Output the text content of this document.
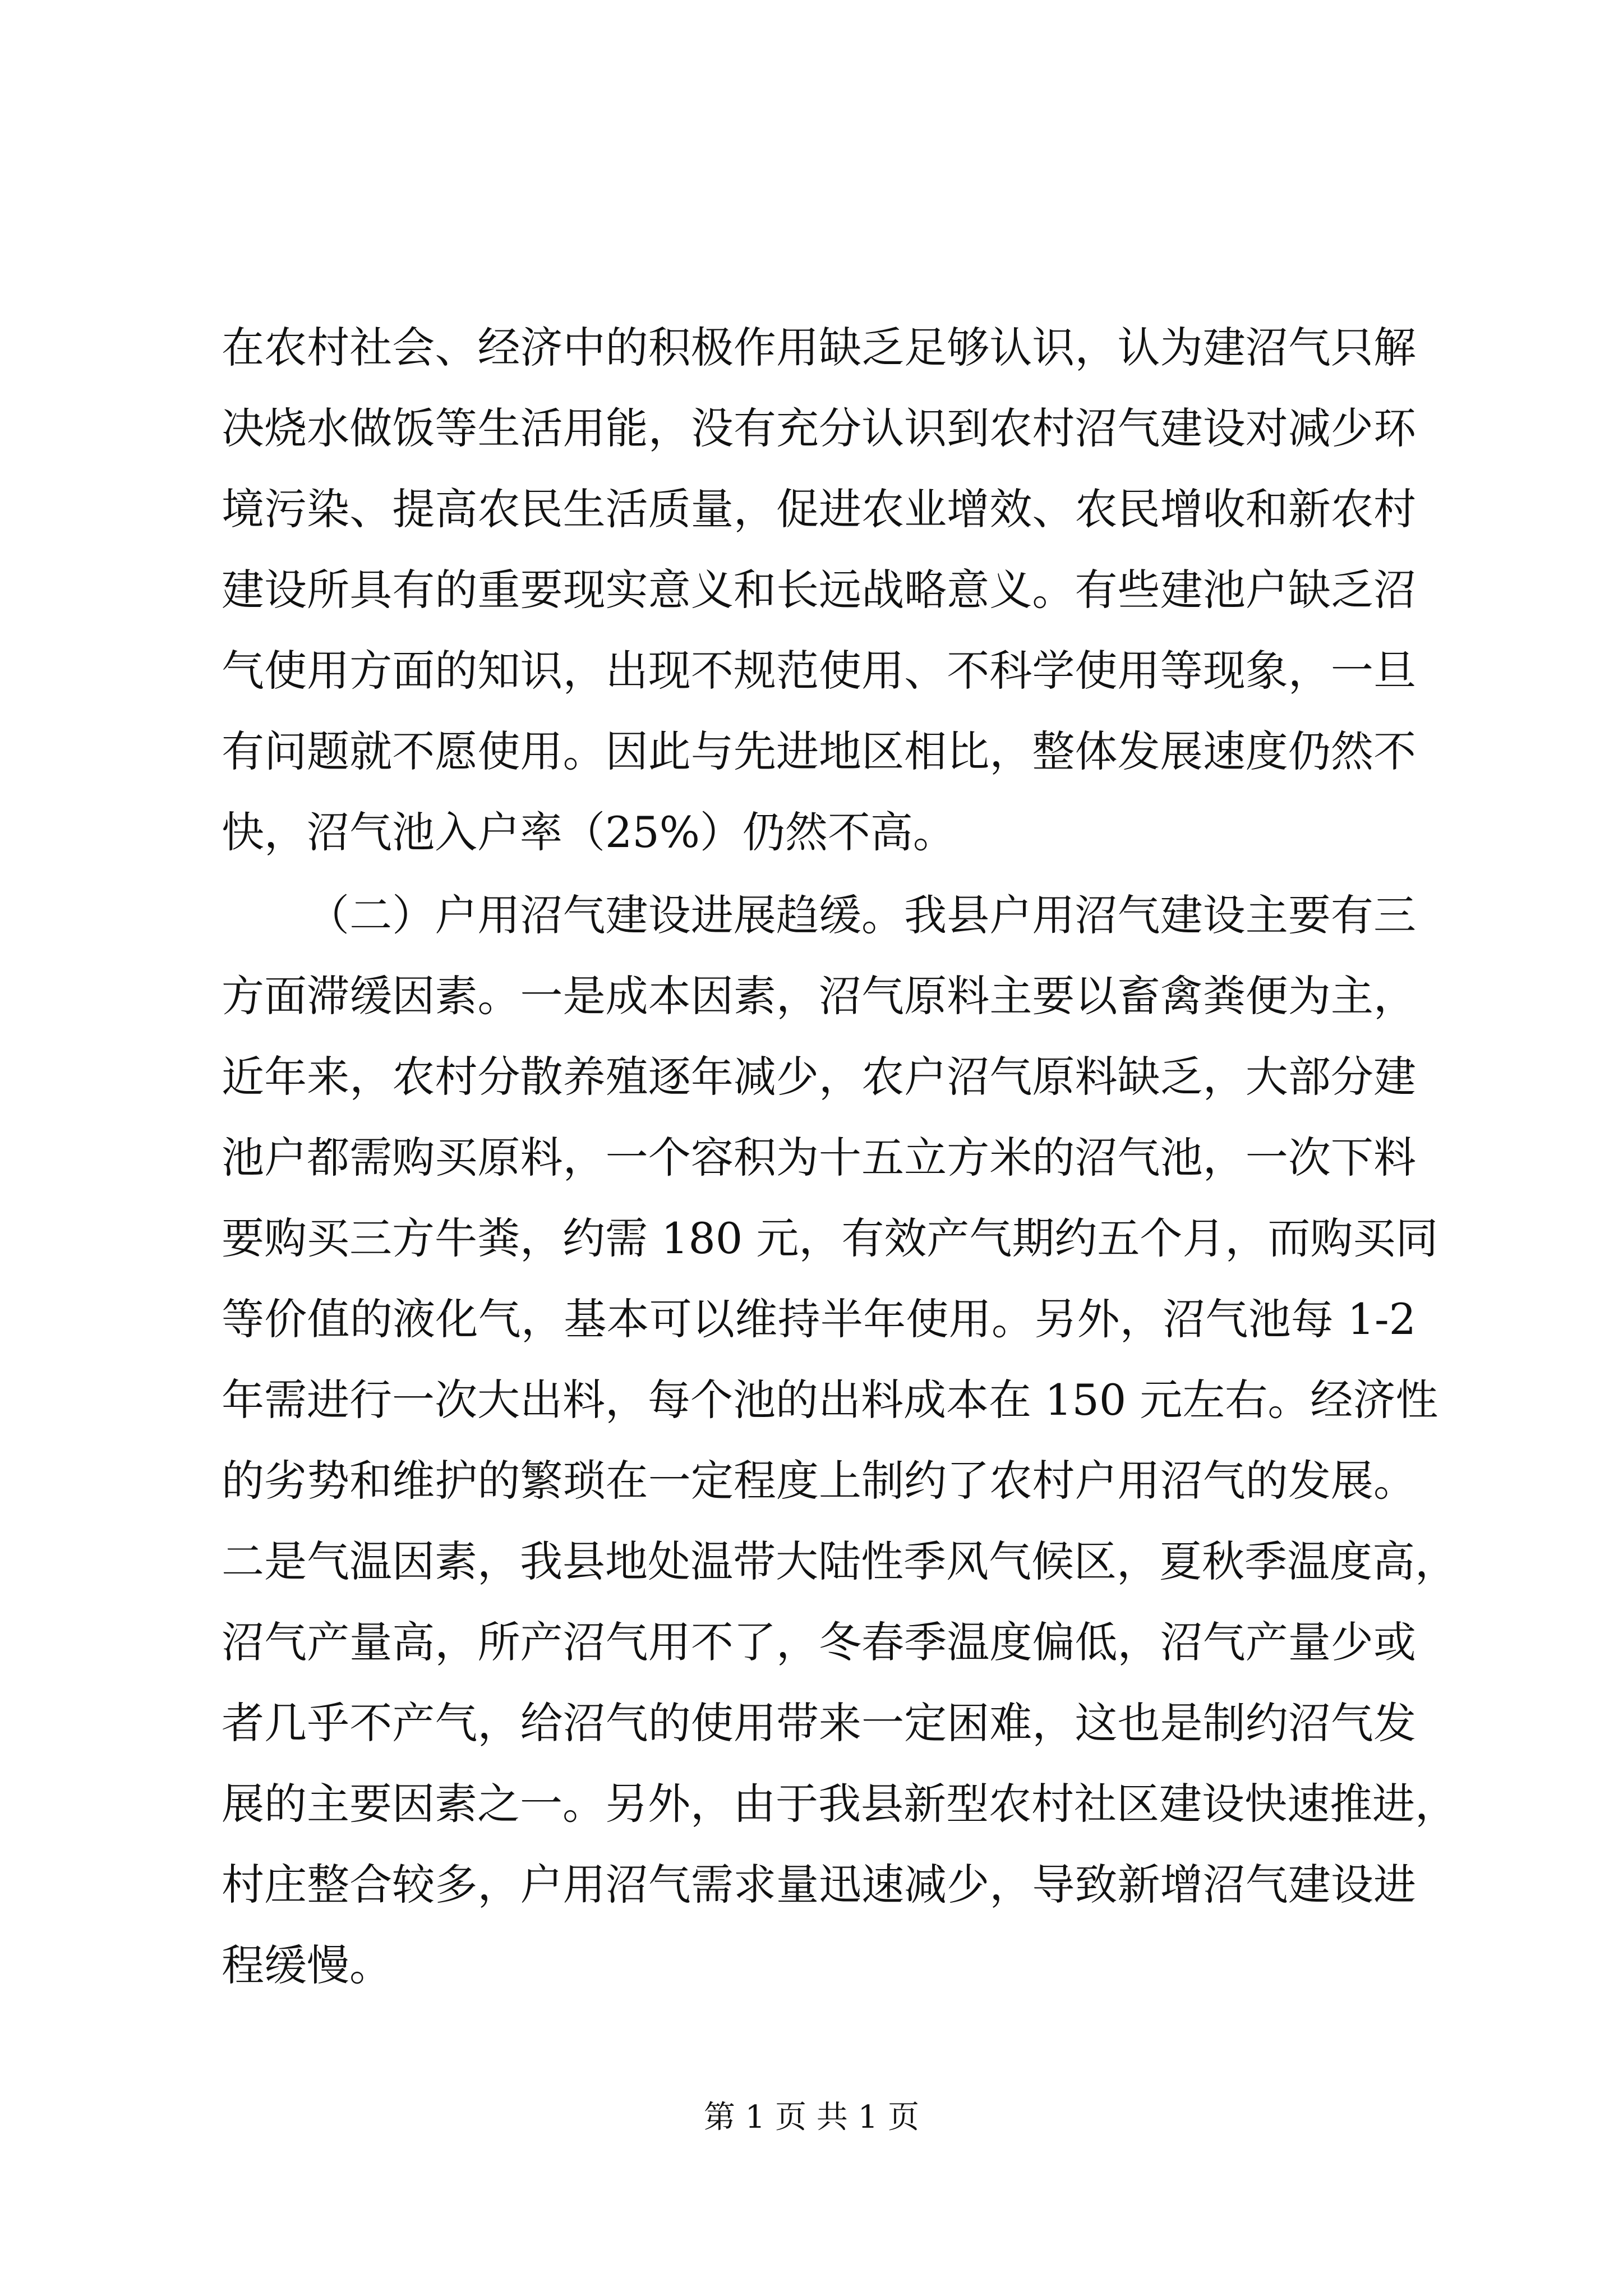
在农村社会、经济中的积极作用缺乏足够认识，认为建沼气只解
决烧水做饭等生活用能，没有充分认识到农村沼气建设对减少环
境污染、提高农民生活质量，促进农业增效、农民增收和新农村
建设所具有的重要现实意义和长远战略意义。有些建池户缺乏沼
气使用方面的知识，出现不规范使用、不科学使用等现象，一旦
有问题就不愿使用。因此与先进地区相比，整体发展速度仍然不
快，沼气池入户率（25%）仍然不高。
（二）户用沼气建设进展趋缓。我县户用沼气建设主要有三
方面滞缓因素。一是成本因素，沼气原料主要以畜禽粪便为主，
近年来，农村分散养殖逐年减少，农户沼气原料缺乏，大部分建
池户都需购买原料，一个容积为十五立方米的沼气池，一次下料
要购买三方牛粪，约需 180 元，有效产气期约五个月，而购买同
等价值的液化气，基本可以维持半年使用。另外，沼气池每 1-2
年需进行一次大出料，每个池的出料成本在 150 元左右。经济性
的劣势和维护的繁琐在一定程度上制约了农村户用沼气的发展。
二是气温因素，我县地处温带大陆性季风气候区，夏秋季温度高，
沼气产量高，所产沼气用不了，冬春季温度偏低，沼气产量少或
者几乎不产气，给沼气的使用带来一定困难，这也是制约沼气发
展的主要因素之一。另外，由于我县新型农村社区建设快速推进，
村庄整合较多，户用沼气需求量迅速减少，导致新增沼气建设进
程缓慢。
第 1 页 共 1 页
